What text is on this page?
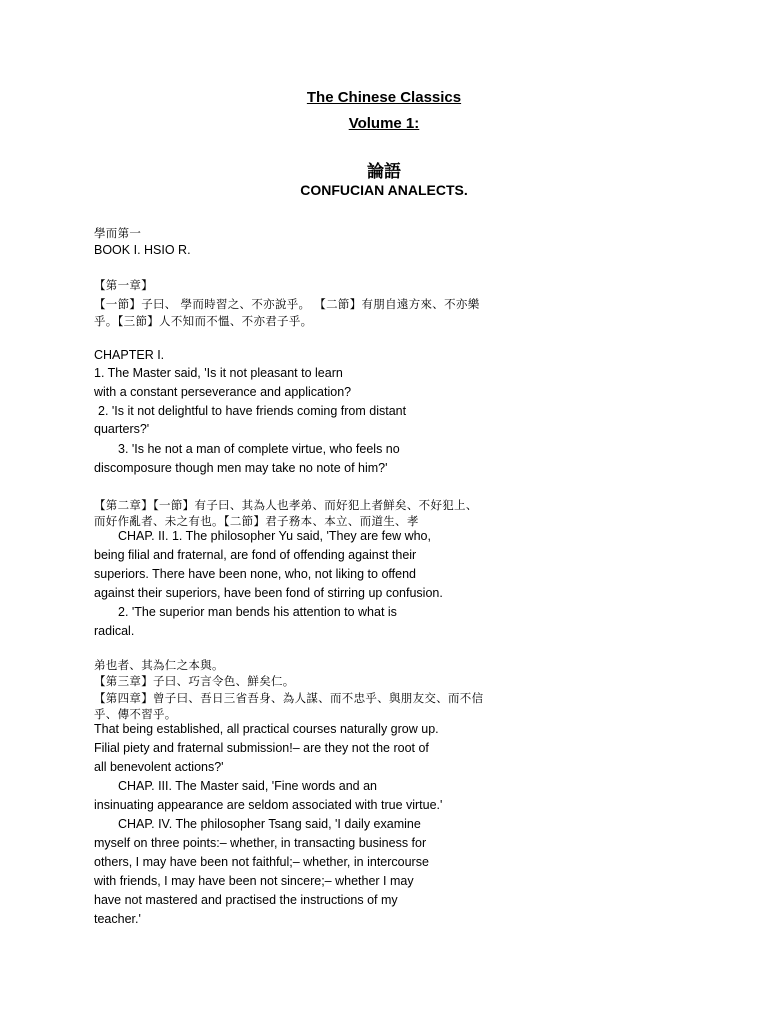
The Chinese Classics
Volume 1:
論語
CONFUCIAN ANALECTS.
學而第一
BOOK I. HSIO R.
【第一章】
【一節】子曰、 學而時習之、不亦說乎。 【二節】有朋自遠方來、不亦樂
乎。【三節】人不知而不慍、不亦君子乎。
CHAPTER I.
1. The Master said, 'Is it not pleasant to learn
with a constant perseverance and application?
2. 'Is it not delightful to have friends coming from distant
quarters?'
3. 'Is he not a man of complete virtue, who feels no
discomposure though men may take no note of him?'
【第二章】【一節】有子曰、其為人也孝弟、而好犯上者鮮矣、不好犯上、
而好作亂者、未之有也。【二節】君子務本、本立、而道生、孝
CHAP. II. 1. The philosopher Yu said, 'They are few who,
being filial and fraternal, are fond of offending against their
superiors. There have been none, who, not liking to offend
against their superiors, have been fond of stirring up confusion.
2. 'The superior man bends his attention to what is
radical.
弟也者、其為仁之本與。
【第三章】子曰、巧言令色、鮮矣仁。
【第四章】曾子曰、吾日三省吾身、為人謀、而不忠乎、與朋友交、而不信
乎、傳不習乎。
That being established, all practical courses naturally grow up.
Filial piety and fraternal submission!– are they not the root of
all benevolent actions?'
CHAP. III. The Master said, 'Fine words and an
insinuating appearance are seldom associated with true virtue.'
CHAP. IV. The philosopher Tsang said, 'I daily examine
myself on three points:– whether, in transacting business for
others, I may have been not faithful;– whether, in intercourse
with friends, I may have been not sincere;– whether I may
have not mastered and practised the instructions of my
teacher.'
